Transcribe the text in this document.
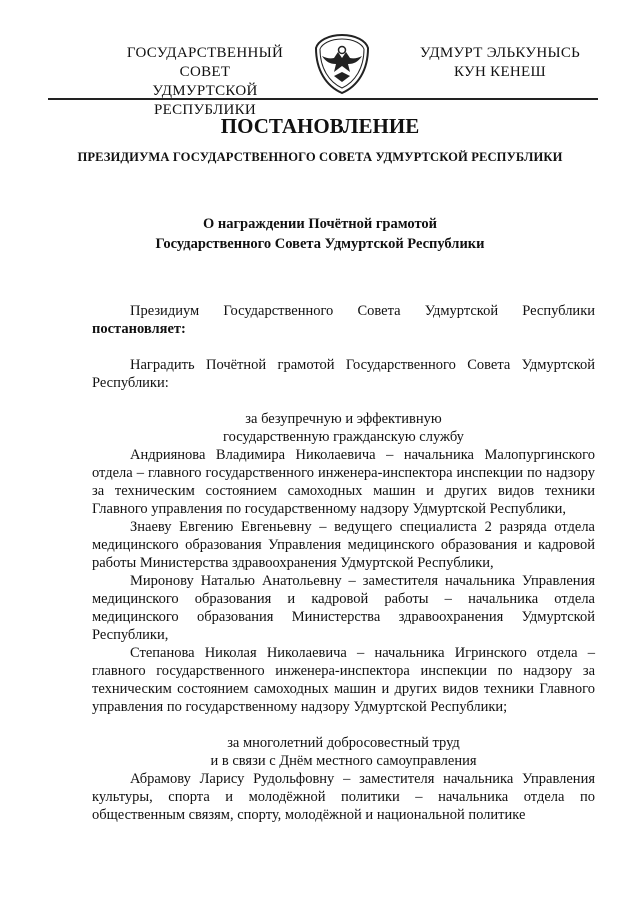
ГОСУДАРСТВЕННЫЙ СОВЕТ
УДМУРТСКОЙ РЕСПУБЛИКИ
УДМУРТ ЭЛЬКУНЫСЬ
КУН КЕНЕШ
ПОСТАНОВЛЕНИЕ
ПРЕЗИДИУМА ГОСУДАРСТВЕННОГО СОВЕТА УДМУРТСКОЙ РЕСПУБЛИКИ
О награждении Почётной грамотой
Государственного Совета Удмуртской Республики

Президиум Государственного Совета Удмуртской Республики постановляет:

Наградить Почётной грамотой Государственного Совета Удмуртской Республики:

за безупречную и эффективную

государственную гражданскую службу

Андриянова Владимира Николаевича – начальника Малопургинского отдела – главного государственного инженера-инспектора инспекции по надзору за техническим состоянием самоходных машин и других видов техники Главного управления по государственному надзору Удмуртской Республики,

Знаеву Евгению Евгеньевну – ведущего специалиста 2 разряда отдела медицинского образования Управления медицинского образования и кадровой работы Министерства здравоохранения Удмуртской Республики,

Миронову Наталью Анатольевну – заместителя начальника Управления медицинского образования и кадровой работы – начальника отдела медицинского образования Министерства здравоохранения Удмуртской Республики,

Степанова Николая Николаевича – начальника Игринского отдела – главного государственного инженера-инспектора инспекции по надзору за техническим состоянием самоходных машин и других видов техники Главного управления по государственному надзору Удмуртской Республики;

за многолетний добросовестный труд

и в связи с Днём местного самоуправления

Абрамову Ларису Рудольфовну – заместителя начальника Управления культуры, спорта и молодёжной политики – начальника отдела по общественным связям, спорту, молодёжной и национальной политике
